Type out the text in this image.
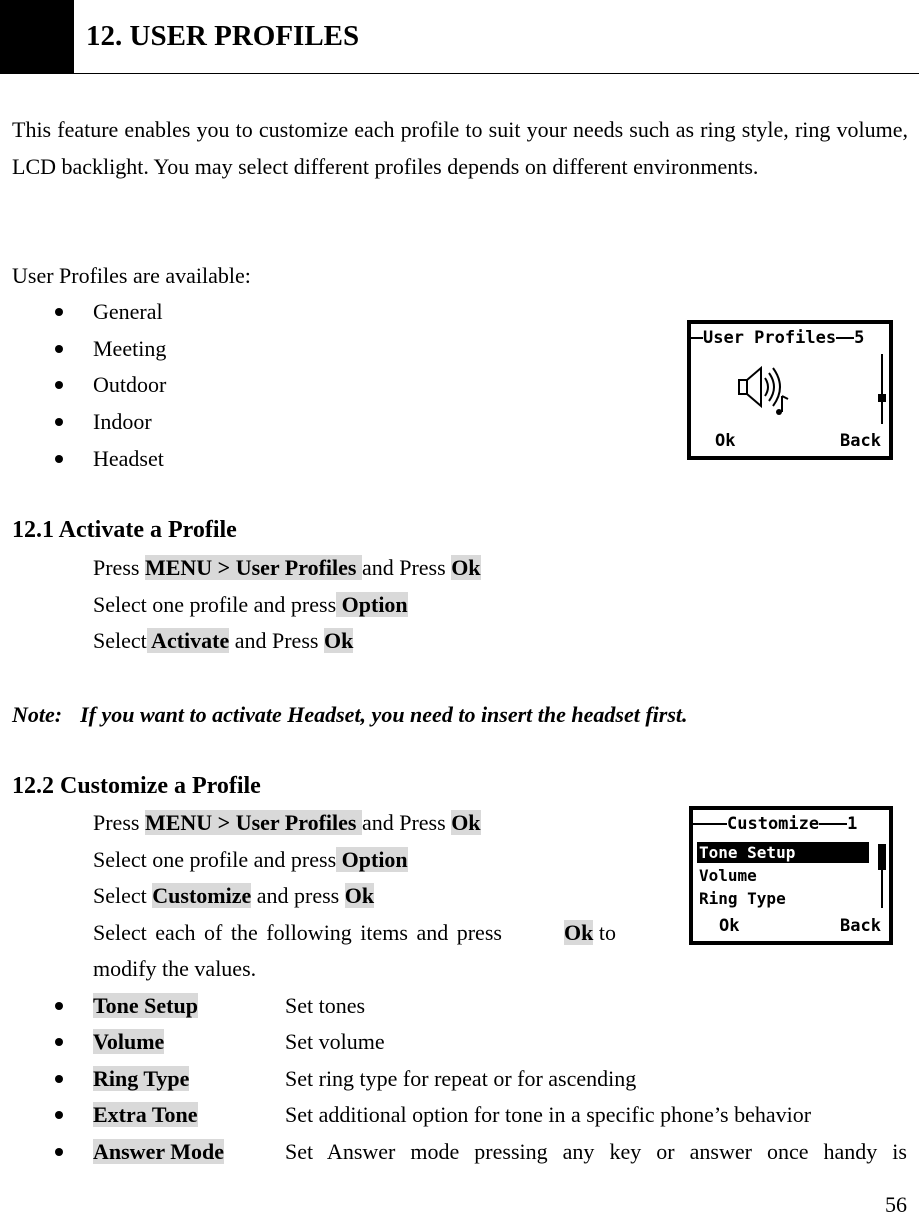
12. USER PROFILES
This feature enables you to customize each profile to suit your needs such as ring style, ring volume, LCD backlight. You may select different profiles depends on different environments.
User Profiles are available:
General
Meeting
Outdoor
Indoor
Headset
User Profiles 5
Ok	Back
12.1 Activate a Profile
Press MENU > User Profiles and Press Ok
Select one profile and press Option
Select Activate and Press Ok
Note: If you want to activate Headset, you need to insert the headset first.
12.2 Customize a Profile
Press MENU > User Profiles and Press Ok
Select one profile and press Option
Select Customize and press Ok
Select each of the following items and press	Ok to
modify the values.
Customize 1
Tone Setup
Volume
Ring Type
Ok	Back
Tone Setup	Set tones
Volume	Set volume
Ring Type	Set ring type for repeat or for ascending
Extra Tone	Set additional option for tone in a specific phone’s behavior
Answer Mode	Set Answer mode pressing any key or answer once handy is
56
